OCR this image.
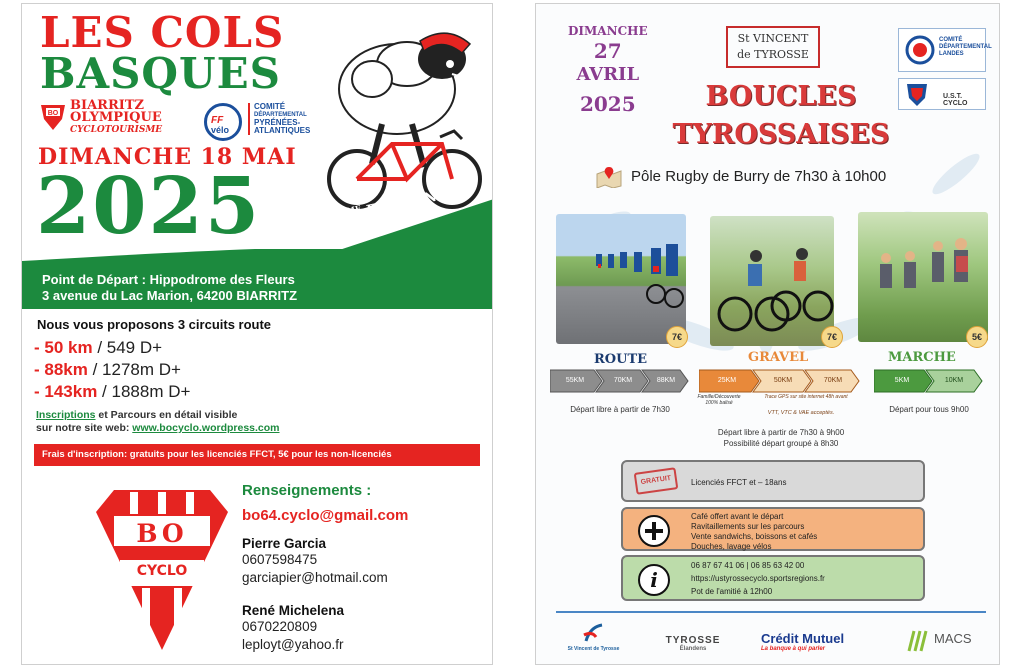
LES COLS
BASQUES
BO
BIARRITZ
OLYMPIQUE
CYCLOTOURISME
FF
vélo
COMITÉ
DÉPARTEMENTAL
PYRÉNÉES-
ATLANTIQUES
DIMANCHE 18 MAI
2025	27ÈME EDITION
Point de Départ : Hippodrome des Fleurs
3 avenue du Lac Marion, 64200 BIARRITZ
Nous vous proposons 3 circuits route
- 50 km / 549 D+
- 88km / 1278m D+
- 143km / 1888m D+
Inscriptions et Parcours en détail visible
sur notre site web: www.bocyclo.wordpress.com
Frais d'inscription: gratuits pour les licenciés FFCT, 5€ pour les non-licenciés
BO
CYCLO
Renseignements :
bo64.cyclo@gmail.com
Pierre Garcia
0607598475
garciapier@hotmail.com
René Michelena
0670220809
leployt@yahoo.fr
DIMANCHE
27
AVRIL
2025
St VINCENT
de TYROSSE
COMITÉ DÉPARTEMENTAL LANDES
U.S.T. CYCLO
BOUCLES
TYROSSAISES
Pôle Rugby de Burry de 7h30 à 10h00
7€	7€	5€
ROUTE	GRAVEL	MARCHE
55KM	70KM	88KM	25KM	50KM	70KM
Famille/Découverte 100% balisé
Trace GPS sur site internet 48h avant
VTT, VTC & VAE acceptés.
5KM	10KM
Départ libre à partir de 7h30
Départ libre à partir de 7h30 à 9h00
Possibilité départ groupé à 8h30
Départ pour tous 9h00
GRATUIT	Licenciés FFCT et – 18ans
Café offert avant le départ
Ravitaillements sur les parcours
Vente sandwichs, boissons et cafés
Douches, lavage vélos
i
06 87 67 41 06 | 06 85 63 42 00
https://ustyrossecyclo.sportsregions.fr
Pot de l'amitié à 12h00
St Vincent de Tyrosse
TYROSSE
Élandens
Crédit Mutuel
La banque à qui parler
MACS
